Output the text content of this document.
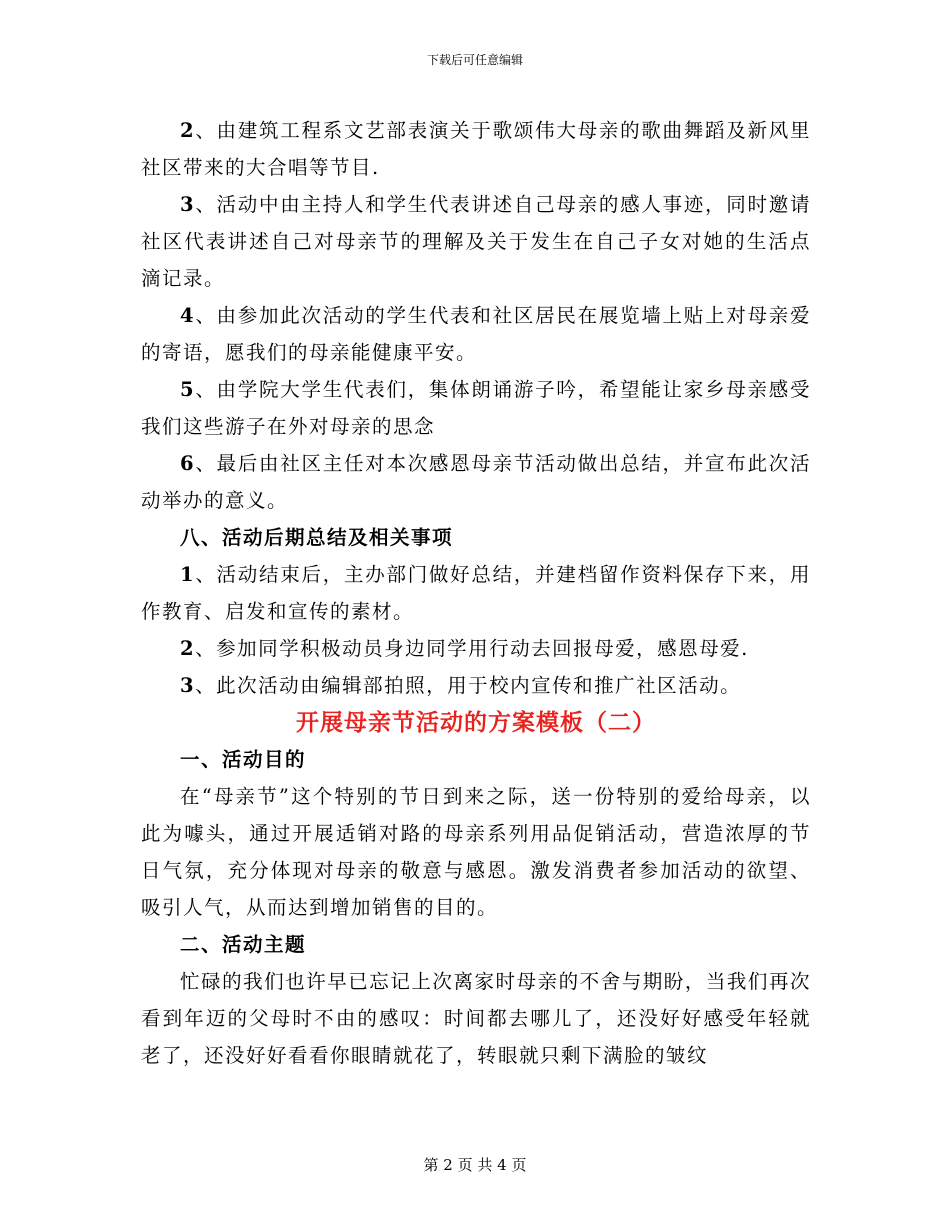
下载后可任意编辑

2、由建筑工程系文艺部表演关于歌颂伟大母亲的歌曲舞蹈及新风里社区带来的大合唱等节目.

3、活动中由主持人和学生代表讲述自己母亲的感人事迹，同时邀请社区代表讲述自己对母亲节的理解及关于发生在自己子女对她的生活点滴记录。

4、由参加此次活动的学生代表和社区居民在展览墙上贴上对母亲爱的寄语，愿我们的母亲能健康平安。

5、由学院大学生代表们，集体朗诵游子吟，希望能让家乡母亲感受我们这些游子在外对母亲的思念

6、最后由社区主任对本次感恩母亲节活动做出总结，并宣布此次活动举办的意义。

八、活动后期总结及相关事项

1、活动结束后，主办部门做好总结，并建档留作资料保存下来，用作教育、启发和宣传的素材。

2、参加同学积极动员身边同学用行动去回报母爱，感恩母爱.

3、此次活动由编辑部拍照，用于校内宣传和推广社区活动。

开展母亲节活动的方案模板（二）

一、活动目的

在“母亲节”这个特别的节日到来之际，送一份特别的爱给母亲，以此为噱头，通过开展适销对路的母亲系列用品促销活动，营造浓厚的节日气氛，充分体现对母亲的敬意与感恩。激发消费者参加活动的欲望、吸引人气，从而达到增加销售的目的。

二、活动主题

忙碌的我们也许早已忘记上次离家时母亲的不舍与期盼，当我们再次看到年迈的父母时不由的感叹：时间都去哪儿了，还没好好感受年轻就老了，还没好好看看你眼睛就花了，转眼就只剩下满脸的皱纹

第 2 页 共 4 页
